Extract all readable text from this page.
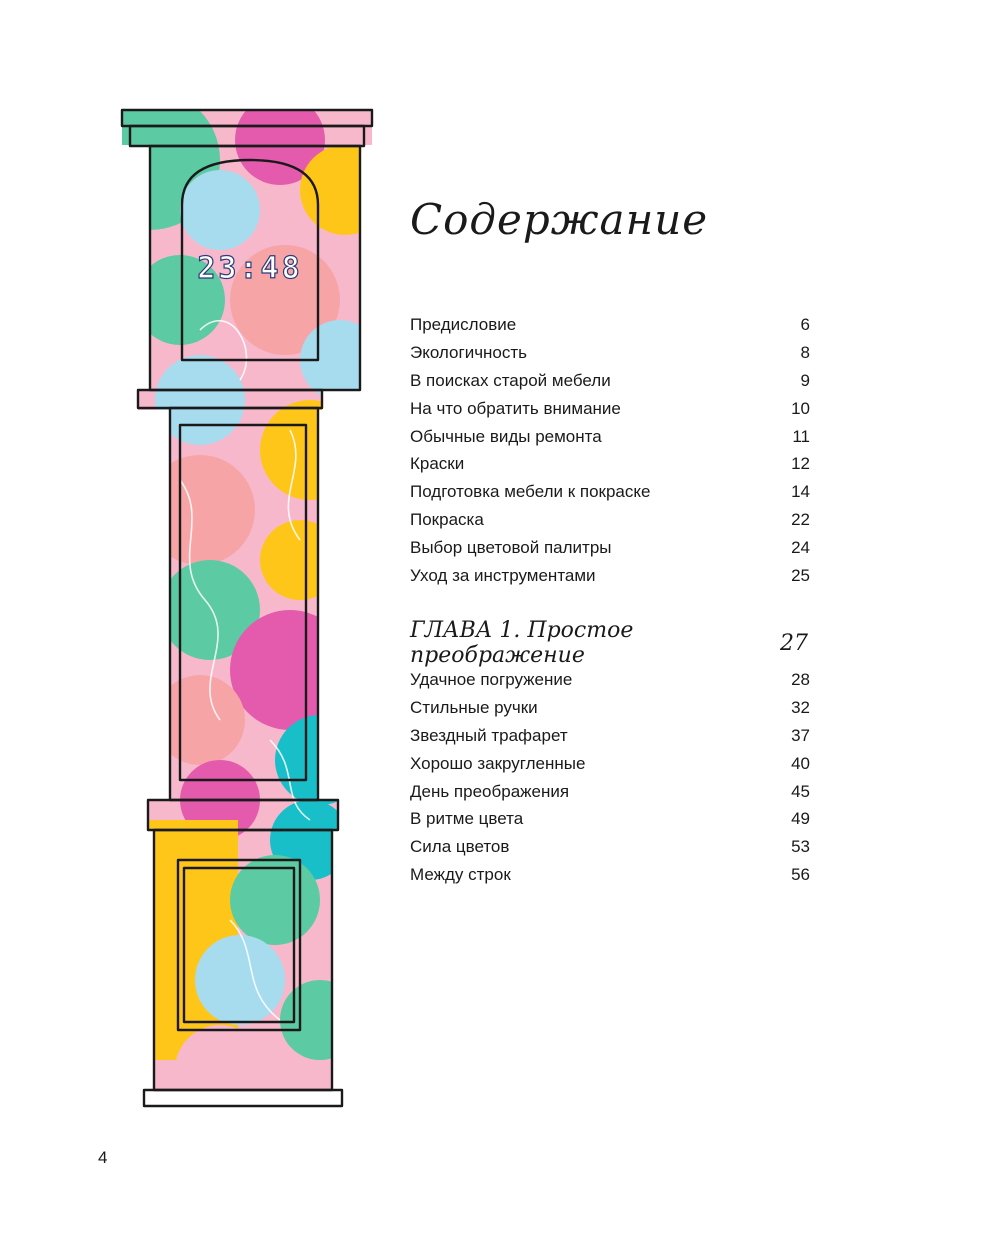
23:48
Содержание
Предисловие	6
Экологичность	8
В поисках старой мебели	9
На что обратить внимание	10
Обычные виды ремонта	11
Краски	12
Подготовка мебели к покраске	14
Покраска	22
Выбор цветовой палитры	24
Уход за инструментами	25
ГЛАВА 1. Простое преображение	27
Удачное погружение	28
Стильные ручки	32
Звездный трафарет	37
Хорошо закругленные	40
День преображения	45
В ритме цвета	49
Сила цветов	53
Между строк	56
4
